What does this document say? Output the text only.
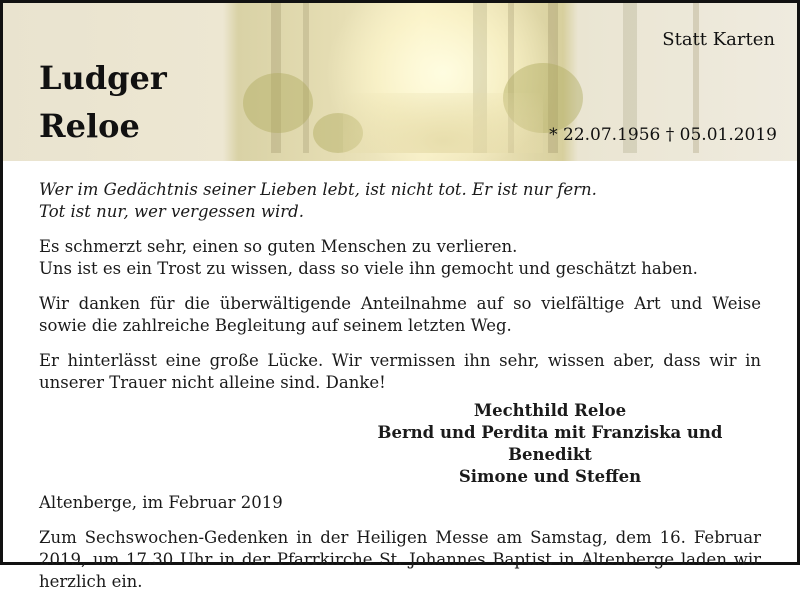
Ludger
Reloe
Statt Karten
* 22.07.1956 † 05.01.2019

Wer im Gedächtnis seiner Lieben lebt, ist nicht tot. Er ist nur fern.
Tot ist nur, wer vergessen wird.

Es schmerzt sehr, einen so guten Menschen zu verlieren.
Uns ist es ein Trost zu wissen, dass so viele ihn gemocht und geschätzt haben.

Wir danken für die überwältigende Anteilnahme auf so vielfältige Art und Weise sowie die zahlreiche Begleitung auf seinem letzten Weg.

Er hinterlässt eine große Lücke. Wir vermissen ihn sehr, wissen aber, dass wir in unserer Trauer nicht alleine sind. Danke!

Mechthild Reloe
Bernd und Perdita mit Franziska und Benedikt
Simone und Steffen
Altenberge, im Februar 2019

Zum Sechswochen-Gedenken in der Heiligen Messe am Samstag, dem 16. Februar 2019, um 17.30 Uhr in der Pfarrkirche St. Johannes Baptist in Altenberge laden wir herzlich ein.
